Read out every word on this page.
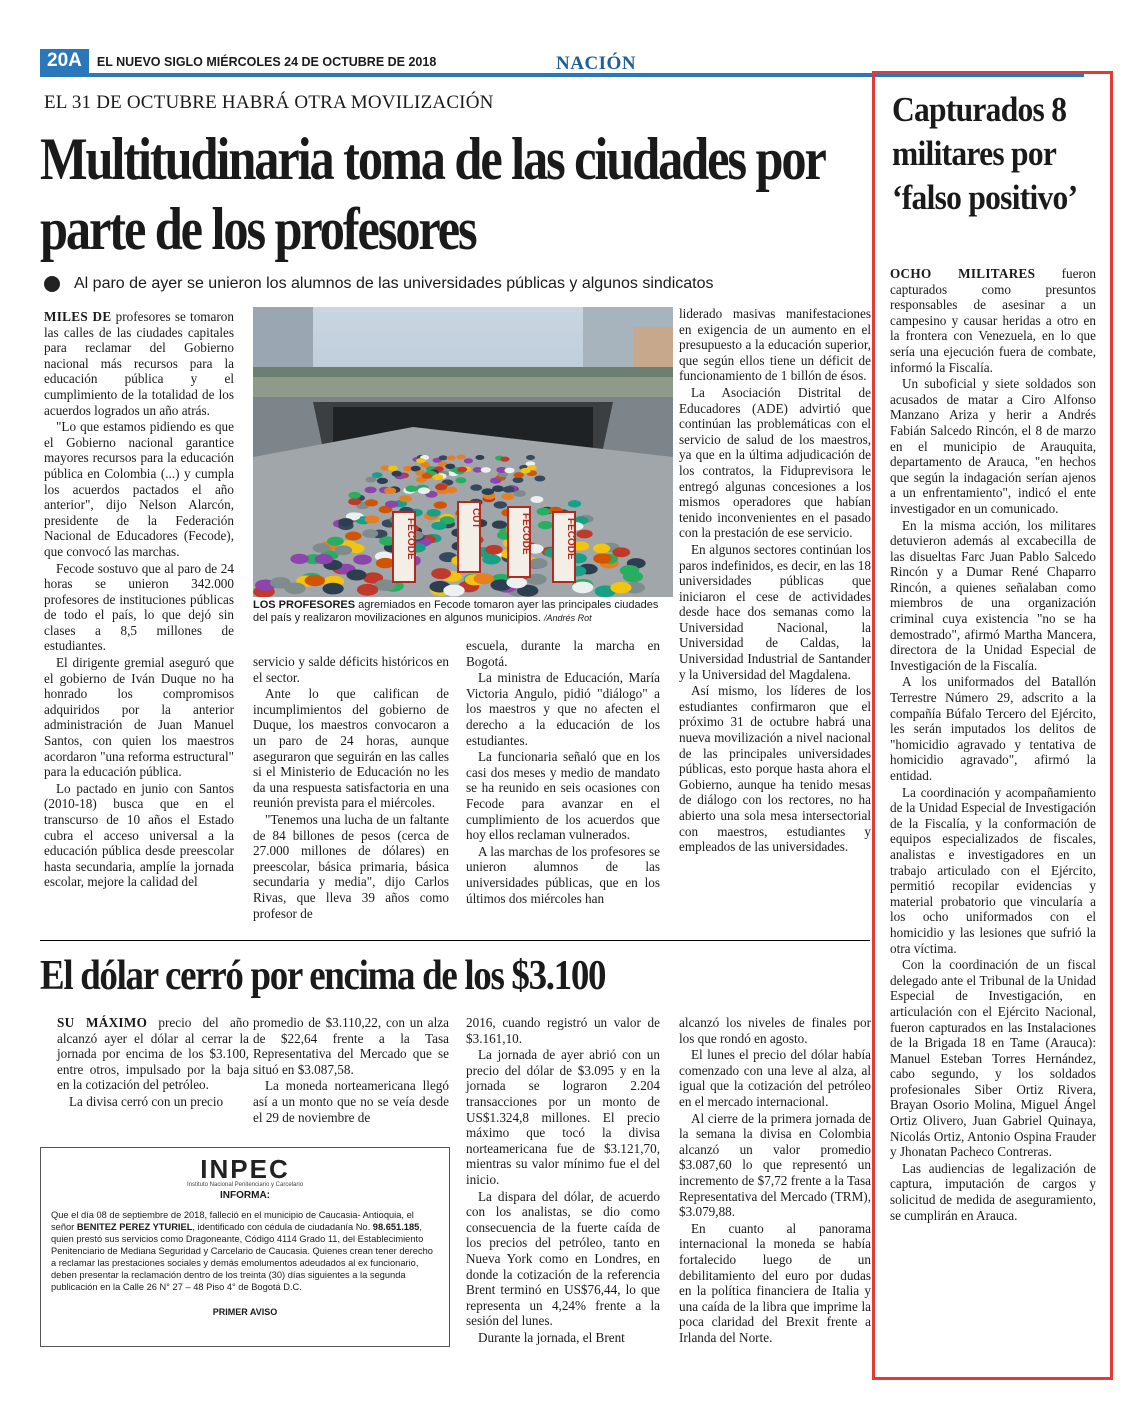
20A	EL NUEVO SIGLO MIÉRCOLES 24 DE OCTUBRE DE 2018	NACIÓN
EL 31 DE OCTUBRE HABRÁ OTRA MOVILIZACIÓN
Multitudinaria toma de las ciudades por parte de los profesores
Al paro de ayer se unieron los alumnos de las universidades públicas y algunos sindicatos

MILES DE profesores se tomaron las calles de las ciudades capitales para reclamar del Gobierno nacional más recursos para la educación pública y el cumplimiento de la totalidad de los acuerdos logrados un año atrás.

"Lo que estamos pidiendo es que el Gobierno nacional garantice mayores recursos para la educación pública en Colombia (...) y cumpla los acuerdos pactados el año anterior", dijo Nelson Alarcón, presidente de la Federación Nacional de Educadores (Fecode), que convocó las marchas.

Fecode sostuvo que al paro de 24 horas se unieron 342.000 profesores de instituciones públicas de todo el país, lo que dejó sin clases a 8,5 millones de estudiantes.

El dirigente gremial aseguró que el gobierno de Iván Duque no ha honrado los compromisos adquiridos por la anterior administración de Juan Manuel Santos, con quien los maestros acordaron "una reforma estructural" para la educación pública.

Lo pactado en junio con Santos (2010-18) busca que en el transcurso de 10 años el Estado cubra el acceso universal a la educación pública desde preescolar hasta secundaria, amplíe la jornada escolar, mejore la calidad del

servicio y salde déficits históricos en el sector.

Ante lo que califican de incumplimientos del gobierno de Duque, los maestros convocaron a un paro de 24 horas, aunque aseguraron que seguirán en las calles si el Ministerio de Educación no les da una respuesta satisfactoria en una reunión prevista para el miércoles.

"Tenemos una lucha de un faltante de 84 billones de pesos (cerca de 27.000 millones de dólares) en preescolar, básica primaria, básica secundaria y media", dijo Carlos Rivas, que lleva 39 años como profesor de

escuela, durante la marcha en Bogotá.

La ministra de Educación, María Victoria Angulo, pidió "diálogo" a los maestros y que no afecten el derecho a la educación de los estudiantes.

La funcionaria señaló que en los casi dos meses y medio de mandato se ha reunido en seis ocasiones con Fecode para avanzar en el cumplimiento de los acuerdos que hoy ellos reclaman vulnerados.

A las marchas de los profesores se unieron alumnos de las universidades públicas, que en los últimos dos miércoles han

liderado masivas manifestaciones en exigencia de un aumento en el presupuesto a la educación superior, que según ellos tiene un déficit de funcionamiento de 1 billón de ésos.

La Asociación Distrital de Educadores (ADE) advirtió que continúan las problemáticas con el servicio de salud de los maestros, ya que en la última adjudicación de los contratos, la Fiduprevisora le entregó algunas concesiones a los mismos operadores que habían tenido inconvenientes en el pasado con la prestación de ese servicio.

En algunos sectores continúan los paros indefinidos, es decir, en las 18 universidades públicas que iniciaron el cese de actividades desde hace dos semanas como la Universidad Nacional, la Universidad de Caldas, la Universidad Industrial de Santander y la Universidad del Magdalena.

Así mismo, los líderes de los estudiantes confirmaron que el próximo 31 de octubre habrá una nueva movilización a nivel nacional de las principales universidades públicas, esto porque hasta ahora el Gobierno, aunque ha tenido mesas de diálogo con los rectores, no ha abierto una sola mesa intersectorial con maestros, estudiantes y empleados de las universidades.

FECODE	CUT	FECODE	FECODE
LOS PROFESORES agremiados en Fecode tomaron ayer las principales ciudades del país y realizaron movilizaciones en algunos municipios. /Andrés Rot
El dólar cerró por encima de los $3.100

SU MÁXIMO precio del año alcanzó ayer el dólar al cerrar la jornada por encima de los $3.100, entre otros, impulsado por la baja en la cotización del petróleo.

La divisa cerró con un precio

promedio de $3.110,22, con un alza de $22,64 frente a la Tasa Representativa del Mercado que se situó en $3.087,58.

La moneda norteamericana llegó así a un monto que no se veía desde el 29 de noviembre de

2016, cuando registró un valor de $3.161,10.

La jornada de ayer abrió con un precio del dólar de $3.095 y en la jornada se lograron 2.204 transacciones por un monto de US$1.324,8 millones. El precio máximo que tocó la divisa norteamericana fue de $3.121,70, mientras su valor mínimo fue el del inicio.

La dispara del dólar, de acuerdo con los analistas, se dio como consecuencia de la fuerte caída de los precios del petróleo, tanto en Nueva York como en Londres, en donde la cotización de la referencia Brent terminó en US$76,44, lo que representa un 4,24% frente a la sesión del lunes.

Durante la jornada, el Brent

alcanzó los niveles de finales por los que rondó en agosto.

El lunes el precio del dólar había comenzado con una leve al alza, al igual que la cotización del petróleo en el mercado internacional.

Al cierre de la primera jornada de la semana la divisa en Colombia alcanzó un valor promedio $3.087,60 lo que representó un incremento de $7,72 frente a la Tasa Representativa del Mercado (TRM), $3.079,88.

En cuanto al panorama internacional la moneda se había fortalecido luego de un debilitamiento del euro por dudas en la política financiera de Italia y una caída de la libra que imprime la poca claridad del Brexit frente a Irlanda del Norte.

INPEC
Instituto Nacional Penitenciario y Carcelario
INFORMA:
Que el día 08 de septiembre de 2018, falleció en el municipio de Caucasia- Antioquia, el señor BENITEZ PEREZ YTURIEL, identificado con cédula de ciudadanía No. 98.651.185, quien prestó sus servicios como Dragoneante, Código 4114 Grado 11, del Establecimiento Penitenciario de Mediana Seguridad y Carcelario de Caucasia. Quienes crean tener derecho a reclamar las prestaciones sociales y demás emolumentos adeudados al ex funcionario, deben presentar la reclamación dentro de los treinta (30) días siguientes a la segunda publicación en la Calle 26 N° 27 – 48 Piso 4° de Bogotá D.C.
PRIMER AVISO
Capturados 8 militares por ‘falso positivo’

OCHO MILITARES fueron capturados como presuntos responsables de asesinar a un campesino y causar heridas a otro en la frontera con Venezuela, en lo que sería una ejecución fuera de combate, informó la Fiscalía.

Un suboficial y siete soldados son acusados de matar a Ciro Alfonso Manzano Ariza y herir a Andrés Fabián Salcedo Rincón, el 8 de marzo en el municipio de Arauquita, departamento de Arauca, "en hechos que según la indagación serían ajenos a un enfrentamiento", indicó el ente investigador en un comunicado.

En la misma acción, los militares detuvieron además al excabecilla de las disueltas Farc Juan Pablo Salcedo Rincón y a Dumar René Chaparro Rincón, a quienes señalaban como miembros de una organización criminal cuya existencia "no se ha demostrado", afirmó Martha Mancera, directora de la Unidad Especial de Investigación de la Fiscalía.

A los uniformados del Batallón Terrestre Número 29, adscrito a la compañía Búfalo Tercero del Ejército, les serán imputados los delitos de "homicidio agravado y tentativa de homicidio agravado", afirmó la entidad.

La coordinación y acompañamiento de la Unidad Especial de Investigación de la Fiscalía, y la conformación de equipos especializados de fiscales, analistas e investigadores en un trabajo articulado con el Ejército, permitió recopilar evidencias y material probatorio que vincularía a los ocho uniformados con el homicidio y las lesiones que sufrió la otra víctima.

Con la coordinación de un fiscal delegado ante el Tribunal de la Unidad Especial de Investigación, en articulación con el Ejército Nacional, fueron capturados en las Instalaciones de la Brigada 18 en Tame (Arauca): Manuel Esteban Torres Hernández, cabo segundo, y los soldados profesionales Siber Ortiz Rivera, Brayan Osorio Molina, Miguel Ángel Ortiz Olivero, Juan Gabriel Quinaya, Nicolás Ortiz, Antonio Ospina Frauder y Jhonatan Pacheco Contreras.

Las audiencias de legalización de captura, imputación de cargos y solicitud de medida de aseguramiento, se cumplirán en Arauca.
